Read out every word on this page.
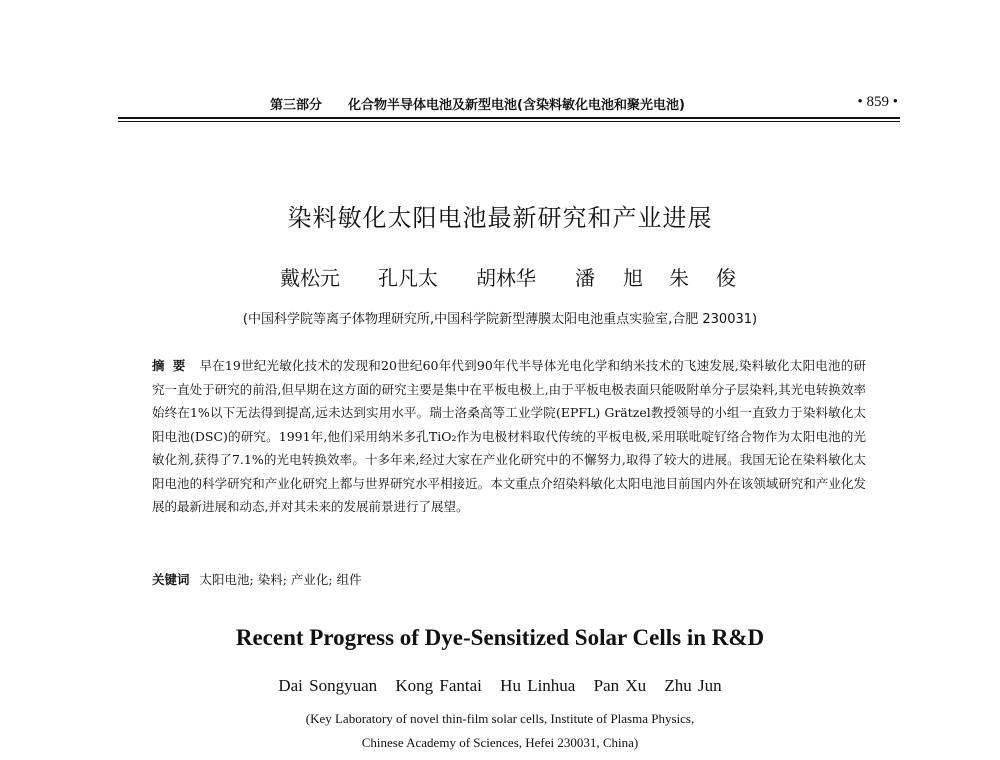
第三部分 化合物半导体电池及新型电池(含染料敏化电池和聚光电池)	• 859 •
染料敏化太阳电池最新研究和产业进展
戴松元 孔凡太 胡林华 潘 旭 朱 俊
(中国科学院等离子体物理研究所,中国科学院新型薄膜太阳电池重点实验室,合肥 230031)
摘要 早在19世纪光敏化技术的发现和20世纪60年代到90年代半导体光电化学和纳米技术的飞速发展,染料敏化太阳电池的研究一直处于研究的前沿,但早期在这方面的研究主要是集中在平板电极上,由于平板电极表面只能吸附单分子层染料,其光电转换效率始终在1%以下无法得到提高,远未达到实用水平。瑞士洛桑高等工业学院(EPFL) Grätzel教授领导的小组一直致力于染料敏化太阳电池(DSC)的研究。1991年,他们采用纳米多孔TiO₂作为电极材料取代传统的平板电极,采用联吡啶钌络合物作为太阳电池的光敏化剂,获得了7.1%的光电转换效率。十多年来,经过大家在产业化研究中的不懈努力,取得了较大的进展。我国无论在染料敏化太阳电池的科学研究和产业化研究上都与世界研究水平相接近。本文重点介绍染料敏化太阳电池目前国内外在该领域研究和产业化发展的最新进展和动态,并对其未来的发展前景进行了展望。
关键词 太阳电池; 染料; 产业化; 组件
Recent Progress of Dye-Sensitized Solar Cells in R&D
Dai Songyuan Kong Fantai Hu Linhua Pan Xu Zhu Jun
(Key Laboratory of novel thin-film solar cells, Institute of Plasma Physics,
Chinese Academy of Sciences, Hefei 230031, China)
